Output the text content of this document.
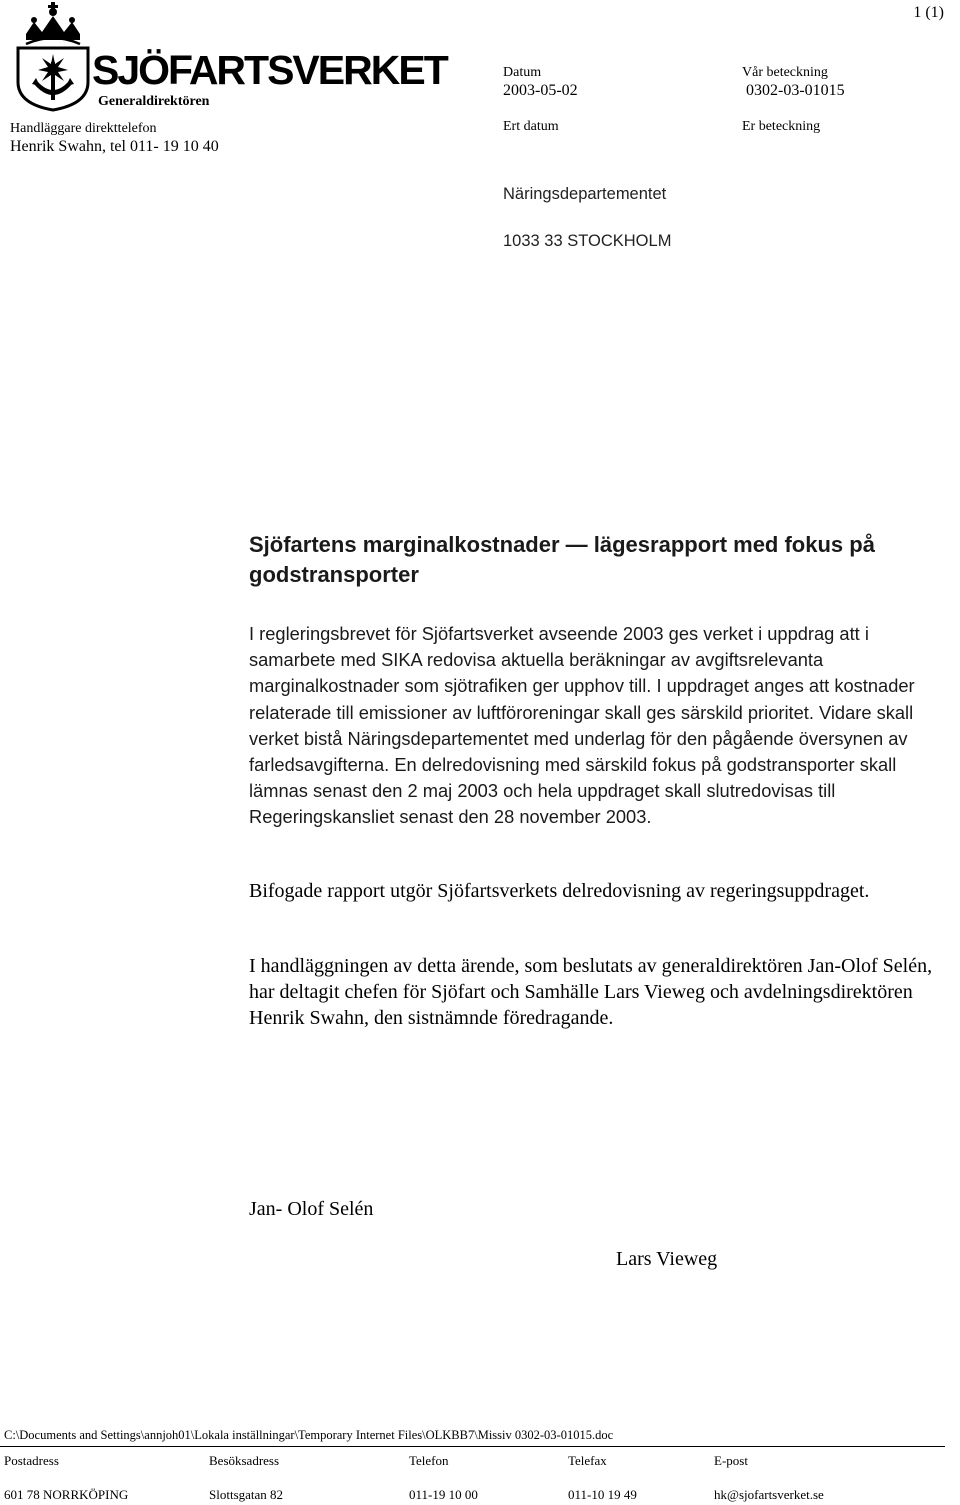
1 (1)
SJÖFARTSVERKET
Generaldirektören
Handläggare direkttelefon
Henrik Swahn, tel 011- 19 10 40
Datum
2003-05-02
Vår beteckning
0302-03-01015
Ert datum	Er beteckning
Näringsdepartementet
1033 33 STOCKHOLM
Sjöfartens marginalkostnader — lägesrapport med fokus på godstransporter
I regleringsbrevet för Sjöfartsverket avseende 2003 ges verket i uppdrag att i samarbete med SIKA redovisa aktuella beräkningar av avgiftsrelevanta marginalkostnader som sjötrafiken ger upphov till. I uppdraget anges att kostnader relaterade till emissioner av luftföroreningar skall ges särskild prioritet. Vidare skall verket bistå Näringsdepartementet med underlag för den pågående översynen av farledsavgifterna. En delredovisning med särskild fokus på godstransporter skall lämnas senast den 2 maj 2003 och hela uppdraget skall slutredovisas till Regeringskansliet senast den 28 november 2003.
Bifogade rapport utgör Sjöfartsverkets delredovisning av regeringsuppdraget.
I handläggningen av detta ärende, som beslutats av generaldirektören Jan-Olof Selén, har deltagit chefen för Sjöfart och Samhälle Lars Vieweg och avdelningsdirektören Henrik Swahn, den sistnämnde föredragande.
Jan- Olof Selén
Lars Vieweg
C:\Documents and Settings\annjoh01\Lokala inställningar\Temporary Internet Files\OLKBB7\Missiv 0302-03-01015.doc
Postadress	Besöksadress	Telefon	Telefax	E-post
601 78 NORRKÖPING	Slottsgatan 82	011-19 10 00	011-10 19 49	hk@sjofartsverket.se
